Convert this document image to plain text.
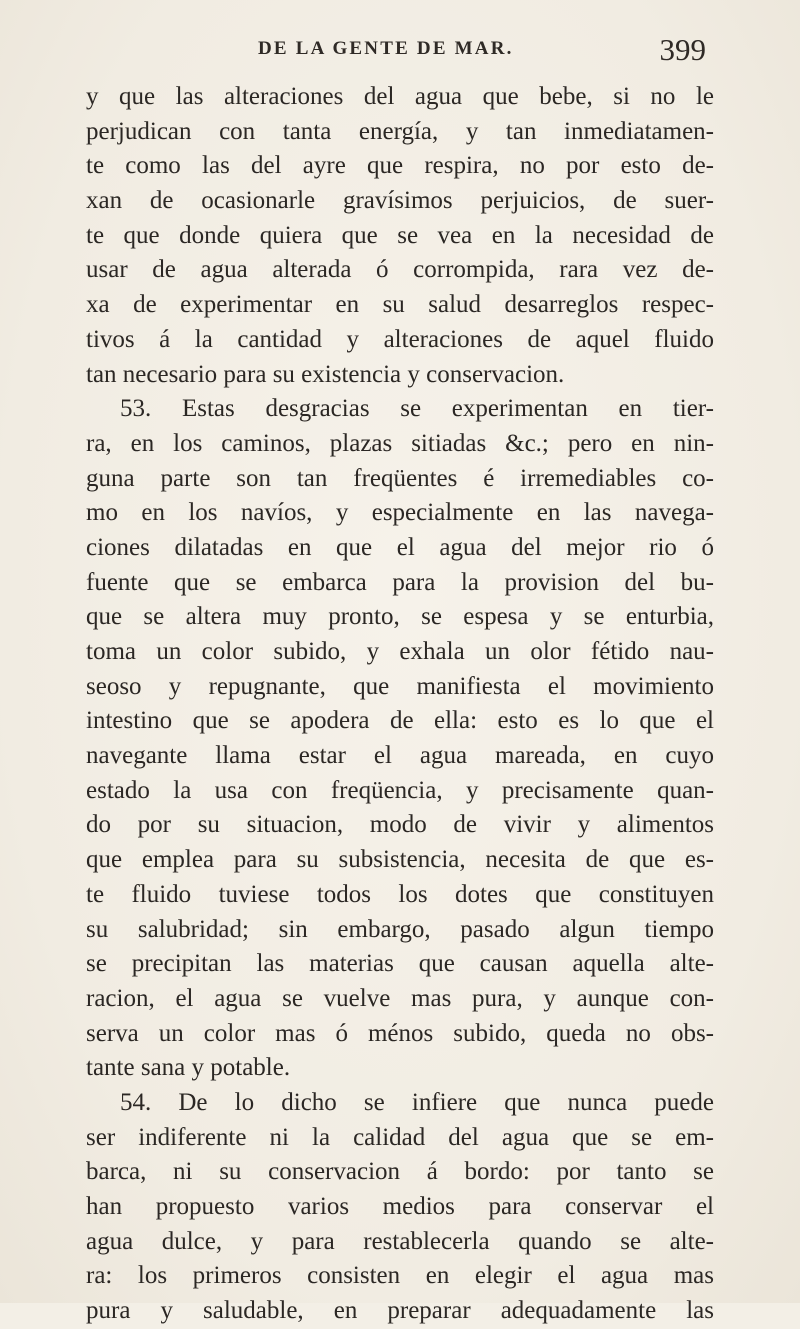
DE LA GENTE DE MAR.	399
y que las alteraciones del agua que bebe, si no le
perjudican con tanta energía, y tan inmediatamen-
te como las del ayre que respira, no por esto de-
xan de ocasionarle gravísimos perjuicios, de suer-
te que donde quiera que se vea en la necesidad de
usar de agua alterada ó corrompida, rara vez de-
xa de experimentar en su salud desarreglos respec-
tivos á la cantidad y alteraciones de aquel fluido
tan necesario para su existencia y conservacion.
53. Estas desgracias se experimentan en tier-
ra, en los caminos, plazas sitiadas &c.; pero en nin-
guna parte son tan freqüentes é irremediables co-
mo en los navíos, y especialmente en las navega-
ciones dilatadas en que el agua del mejor rio ó
fuente que se embarca para la provision del bu-
que se altera muy pronto, se espesa y se enturbia,
toma un color subido, y exhala un olor fétido nau-
seoso y repugnante, que manifiesta el movimiento
intestino que se apodera de ella: esto es lo que el
navegante llama estar el agua mareada, en cuyo
estado la usa con freqüencia, y precisamente quan-
do por su situacion, modo de vivir y alimentos
que emplea para su subsistencia, necesita de que es-
te fluido tuviese todos los dotes que constituyen
su salubridad; sin embargo, pasado algun tiempo
se precipitan las materias que causan aquella alte-
racion, el agua se vuelve mas pura, y aunque con-
serva un color mas ó ménos subido, queda no obs-
tante sana y potable.
54. De lo dicho se infiere que nunca puede
ser indiferente ni la calidad del agua que se em-
barca, ni su conservacion á bordo: por tanto se
han propuesto varios medios para conservar el
agua dulce, y para restablecerla quando se alte-
ra: los primeros consisten en elegir el agua mas
pura y saludable, en preparar adequadamente las
